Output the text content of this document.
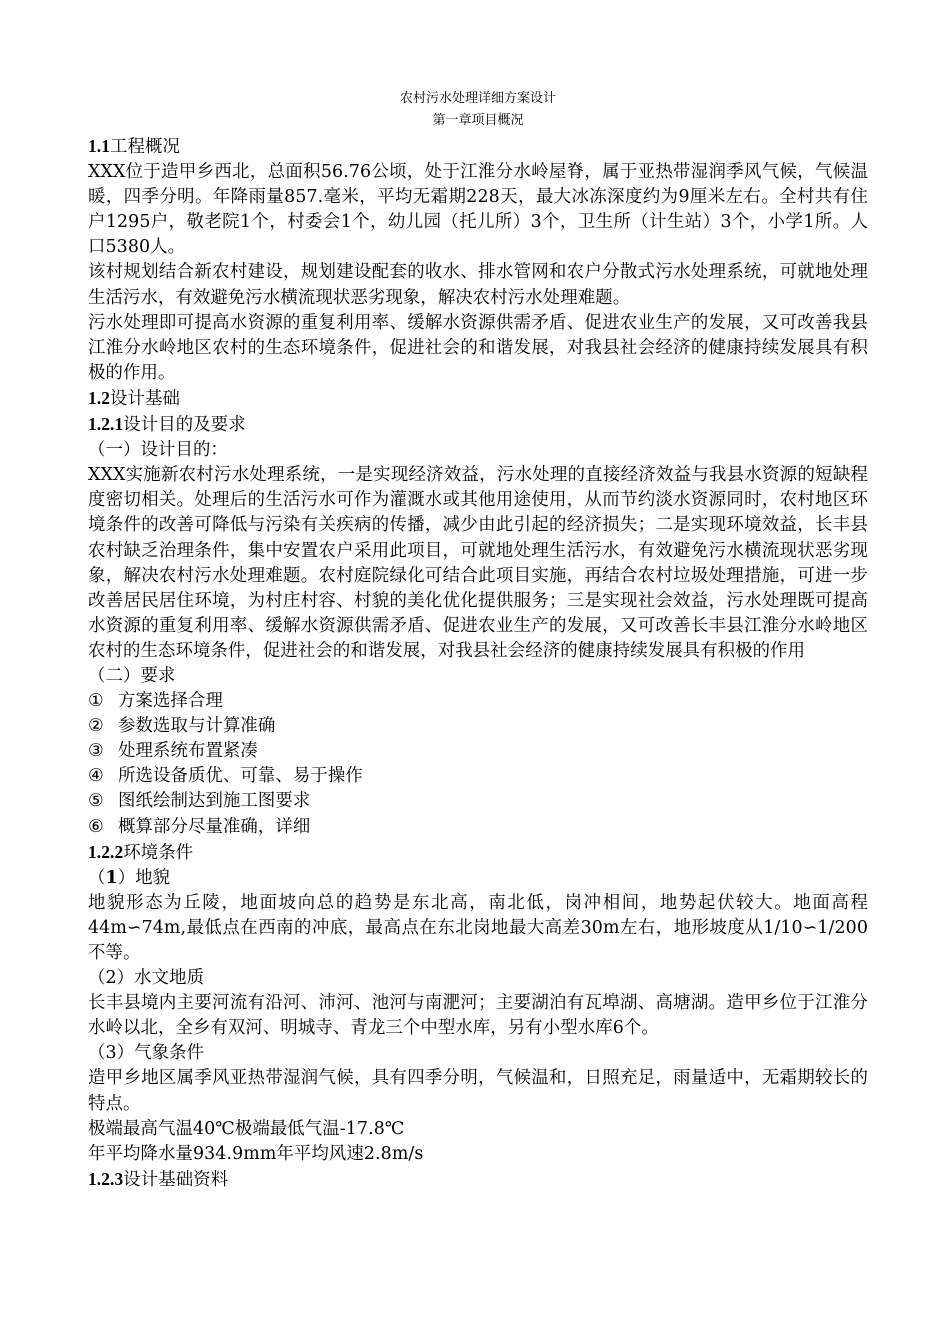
农村污水处理详细方案设计

第一章项目概况

1.1工程概况

XXX位于造甲乡西北，总面积56.76公顷，处于江淮分水岭屋脊，属于亚热带湿润季风气候，气候温暖，四季分明。年降雨量857.毫米，平均无霜期228天，最大冰冻深度约为9厘米左右。全村共有住户1295户，敬老院1个，村委会1个，幼儿园（托儿所）3个，卫生所（计生站）3个，小学1所。人口5380人。

该村规划结合新农村建设，规划建设配套的收水、排水管网和农户分散式污水处理系统，可就地处理生活污水，有效避免污水横流现状恶劣现象，解决农村污水处理难题。

污水处理即可提高水资源的重复利用率、缓解水资源供需矛盾、促进农业生产的发展，又可改善我县江淮分水岭地区农村的生态环境条件，促进社会的和谐发展，对我县社会经济的健康持续发展具有积极的作用。

1.2设计基础

1.2.1设计目的及要求

（一）设计目的：

XXX实施新农村污水处理系统，一是实现经济效益，污水处理的直接经济效益与我县水资源的短缺程度密切相关。处理后的生活污水可作为灌溉水或其他用途使用，从而节约淡水资源同时，农村地区环境条件的改善可降低与污染有关疾病的传播，减少由此引起的经济损失；二是实现环境效益，长丰县农村缺乏治理条件，集中安置农户采用此项目，可就地处理生活污水，有效避免污水横流现状恶劣现象，解决农村污水处理难题。农村庭院绿化可结合此项目实施，再结合农村垃圾处理措施，可进一步改善居民居住环境，为村庄村容、村貌的美化优化提供服务；三是实现社会效益，污水处理既可提高水资源的重复利用率、缓解水资源供需矛盾、促进农业生产的发展，又可改善长丰县江淮分水岭地区农村的生态环境条件，促进社会的和谐发展，对我县社会经济的健康持续发展具有积极的作用

（二）要求

① 方案选择合理

② 参数选取与计算准确

③ 处理系统布置紧凑

④ 所选设备质优、可靠、易于操作

⑤ 图纸绘制达到施工图要求

⑥ 概算部分尽量准确，详细

1.2.2环境条件

（1）地貌

地貌形态为丘陵，地面坡向总的趋势是东北高，南北低，岗冲相间，地势起伏较大。地面高程44m∽74m,最低点在西南的冲底，最高点在东北岗地最大高差30m左右，地形坡度从1/10∽1/200不等。

（2）水文地质

长丰县境内主要河流有沿河、沛河、池河与南淝河；主要湖泊有瓦埠湖、高塘湖。造甲乡位于江淮分水岭以北，全乡有双河、明城寺、青龙三个中型水库，另有小型水库6个。

（3）气象条件

造甲乡地区属季风亚热带湿润气候，具有四季分明，气候温和，日照充足，雨量适中，无霜期较长的特点。

极端最高气温40℃极端最低气温-17.8℃

年平均降水量934.9mm年平均风速2.8m/s

1.2.3设计基础资料
